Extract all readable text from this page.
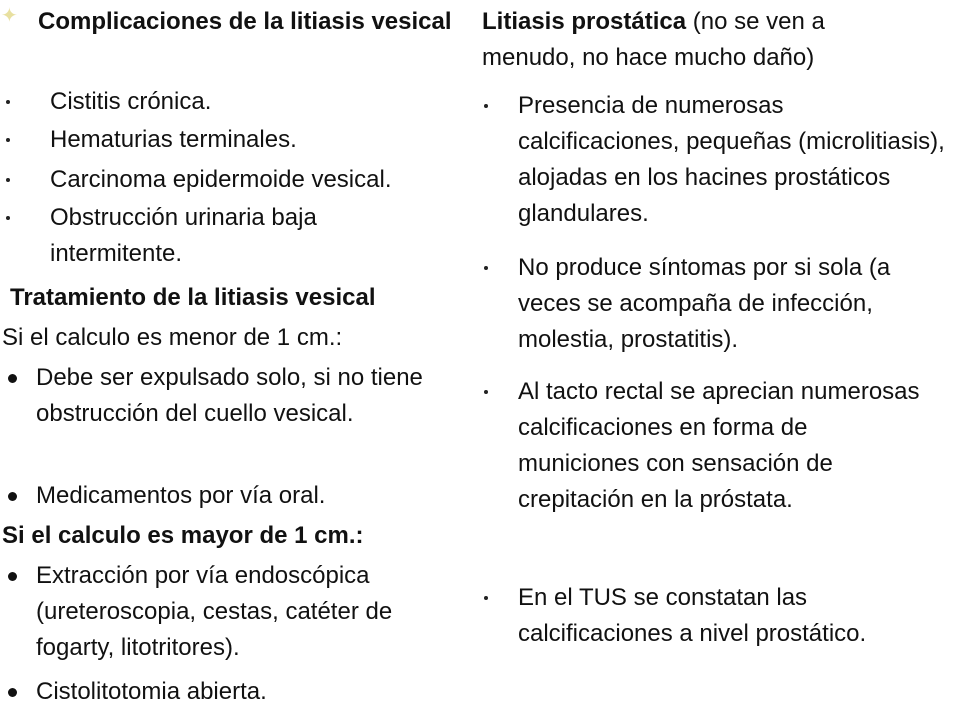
✦ Complicaciones de la litiasis vesical
Cistitis crónica.
Hematurias terminales.
Carcinoma epidermoide vesical.
Obstrucción urinaria baja intermitente.
Tratamiento de la litiasis vesical
Si el calculo es menor de 1 cm.:
Debe ser expulsado solo, si no tiene obstrucción del cuello vesical.
Medicamentos por vía oral.
Si el calculo es mayor de 1 cm.:
Extracción por vía endoscópica (ureteroscopia, cestas, catéter de fogarty, litotritores).
Cistolitotomia abierta.
Litiasis prostática (no se ven a menudo, no hace mucho daño)
Presencia de numerosas calcificaciones, pequeñas (microlitiasis), alojadas en los hacines prostáticos glandulares.
No produce síntomas por si sola (a veces se acompaña de infección, molestia, prostatitis).
Al tacto rectal se aprecian numerosas calcificaciones en forma de municiones con sensación de crepitación en la próstata.
En el TUS se constatan las calcificaciones a nivel prostático.
